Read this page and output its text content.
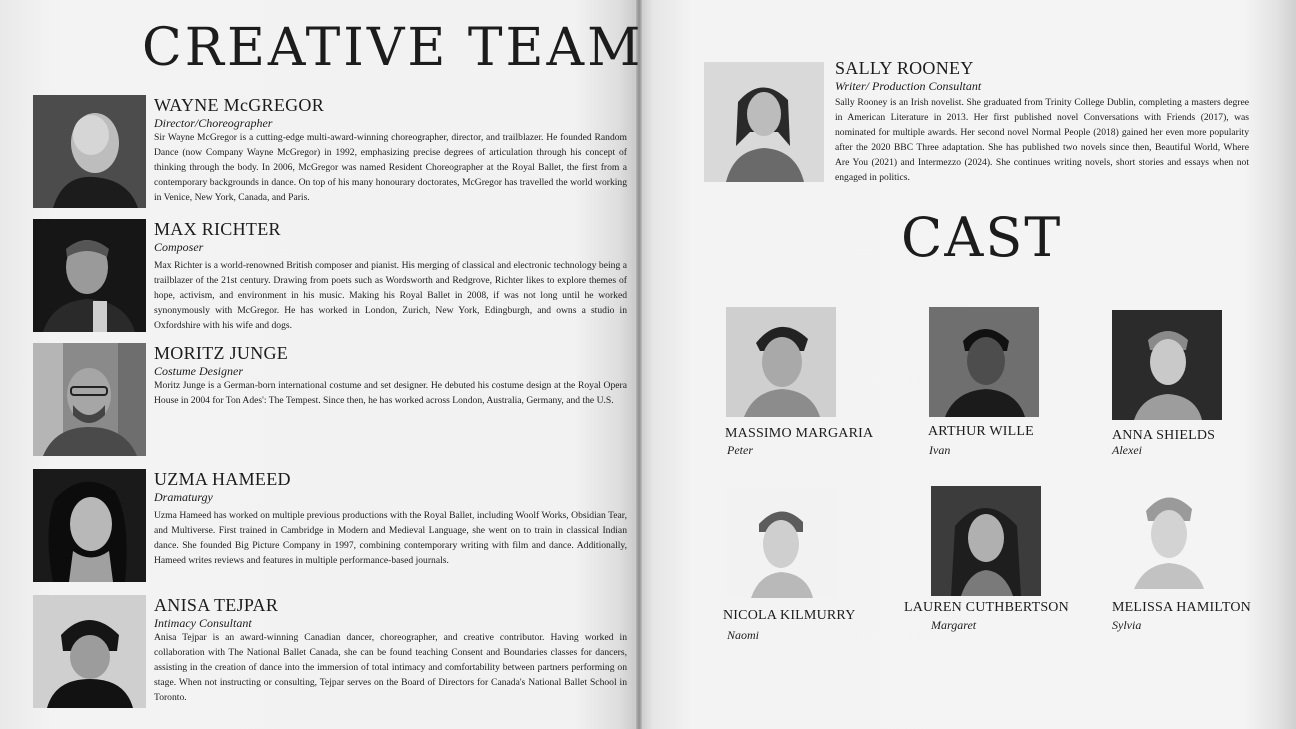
CREATIVE TEAM
WAYNE McGREGOR
Director/Choreographer
Sir Wayne McGregor is a cutting-edge multi-award-winning choreographer, director, and trailblazer. He founded Random Dance (now Company Wayne McGregor) in 1992, emphasizing precise degrees of articulation through his concept of thinking through the body. In 2006, McGregor was named Resident Choreographer at the Royal Ballet, the first from a contemporary backgrounds in dance. On top of his many honourary doctorates, McGregor has travelled the world working in Venice, New York, Canada, and Paris.
MAX RICHTER
Composer
Max Richter is a world-renowned British composer and pianist. His merging of classical and electronic technology being a trailblazer of the 21st century. Drawing from poets such as Wordsworth and Redgrove, Richter likes to explore themes of hope, activism, and environment in his music. Making his Royal Ballet in 2008, if was not long until he worked synonymously with McGregor. He has worked in London, Zurich, New York, Edingburgh, and owns a studio in Oxfordshire with his wife and dogs.
MORITZ JUNGE
Costume Designer
Moritz Junge is a German-born international costume and set designer. He debuted his costume design at the Royal Opera House in 2004 for Ton Ades': The Tempest. Since then, he has worked across London, Australia, Germany, and the U.S.
UZMA HAMEED
Dramaturgy
Uzma Hameed has worked on multiple previous productions with the Royal Ballet, including Woolf Works, Obsidian Tear, and Multiverse. First trained in Cambridge in Modern and Medieval Language, she went on to train in classical Indian dance. She founded Big Picture Company in 1997, combining contemporary writing with film and dance. Additionally, Hameed writes reviews and features in multiple performance-based journals.
ANISA TEJPAR
Intimacy Consultant
Anisa Tejpar is an award-winning Canadian dancer, choreographer, and creative contributor. Having worked in collaboration with The National Ballet Canada, she can be found teaching Consent and Boundaries classes for dancers, assisting in the creation of dance into the immersion of total intimacy and comfortability between partners performing on stage. When not instructing or consulting, Tejpar serves on the Board of Directors for Canada's National Ballet School in Toronto.
SALLY ROONEY
Writer/ Production Consultant
Sally Rooney is an Irish novelist. She graduated from Trinity College Dublin, completing a masters degree in American Literature in 2013. Her first published novel Conversations with Friends (2017), was nominated for multiple awards. Her second novel Normal People (2018) gained her even more popularity after the 2020 BBC Three adaptation. She has published two novels since then, Beautiful World, Where Are You (2021) and Intermezzo (2024). She continues writing novels, short stories and essays when not engaged in politics.
CAST
MASSIMO MARGARIA
Peter
ARTHUR WILLE
Ivan
ANNA SHIELDS
Alexei
NICOLA KILMURRY
Naomi
LAUREN CUTHBERTSON
Margaret
MELISSA HAMILTON
Sylvia
